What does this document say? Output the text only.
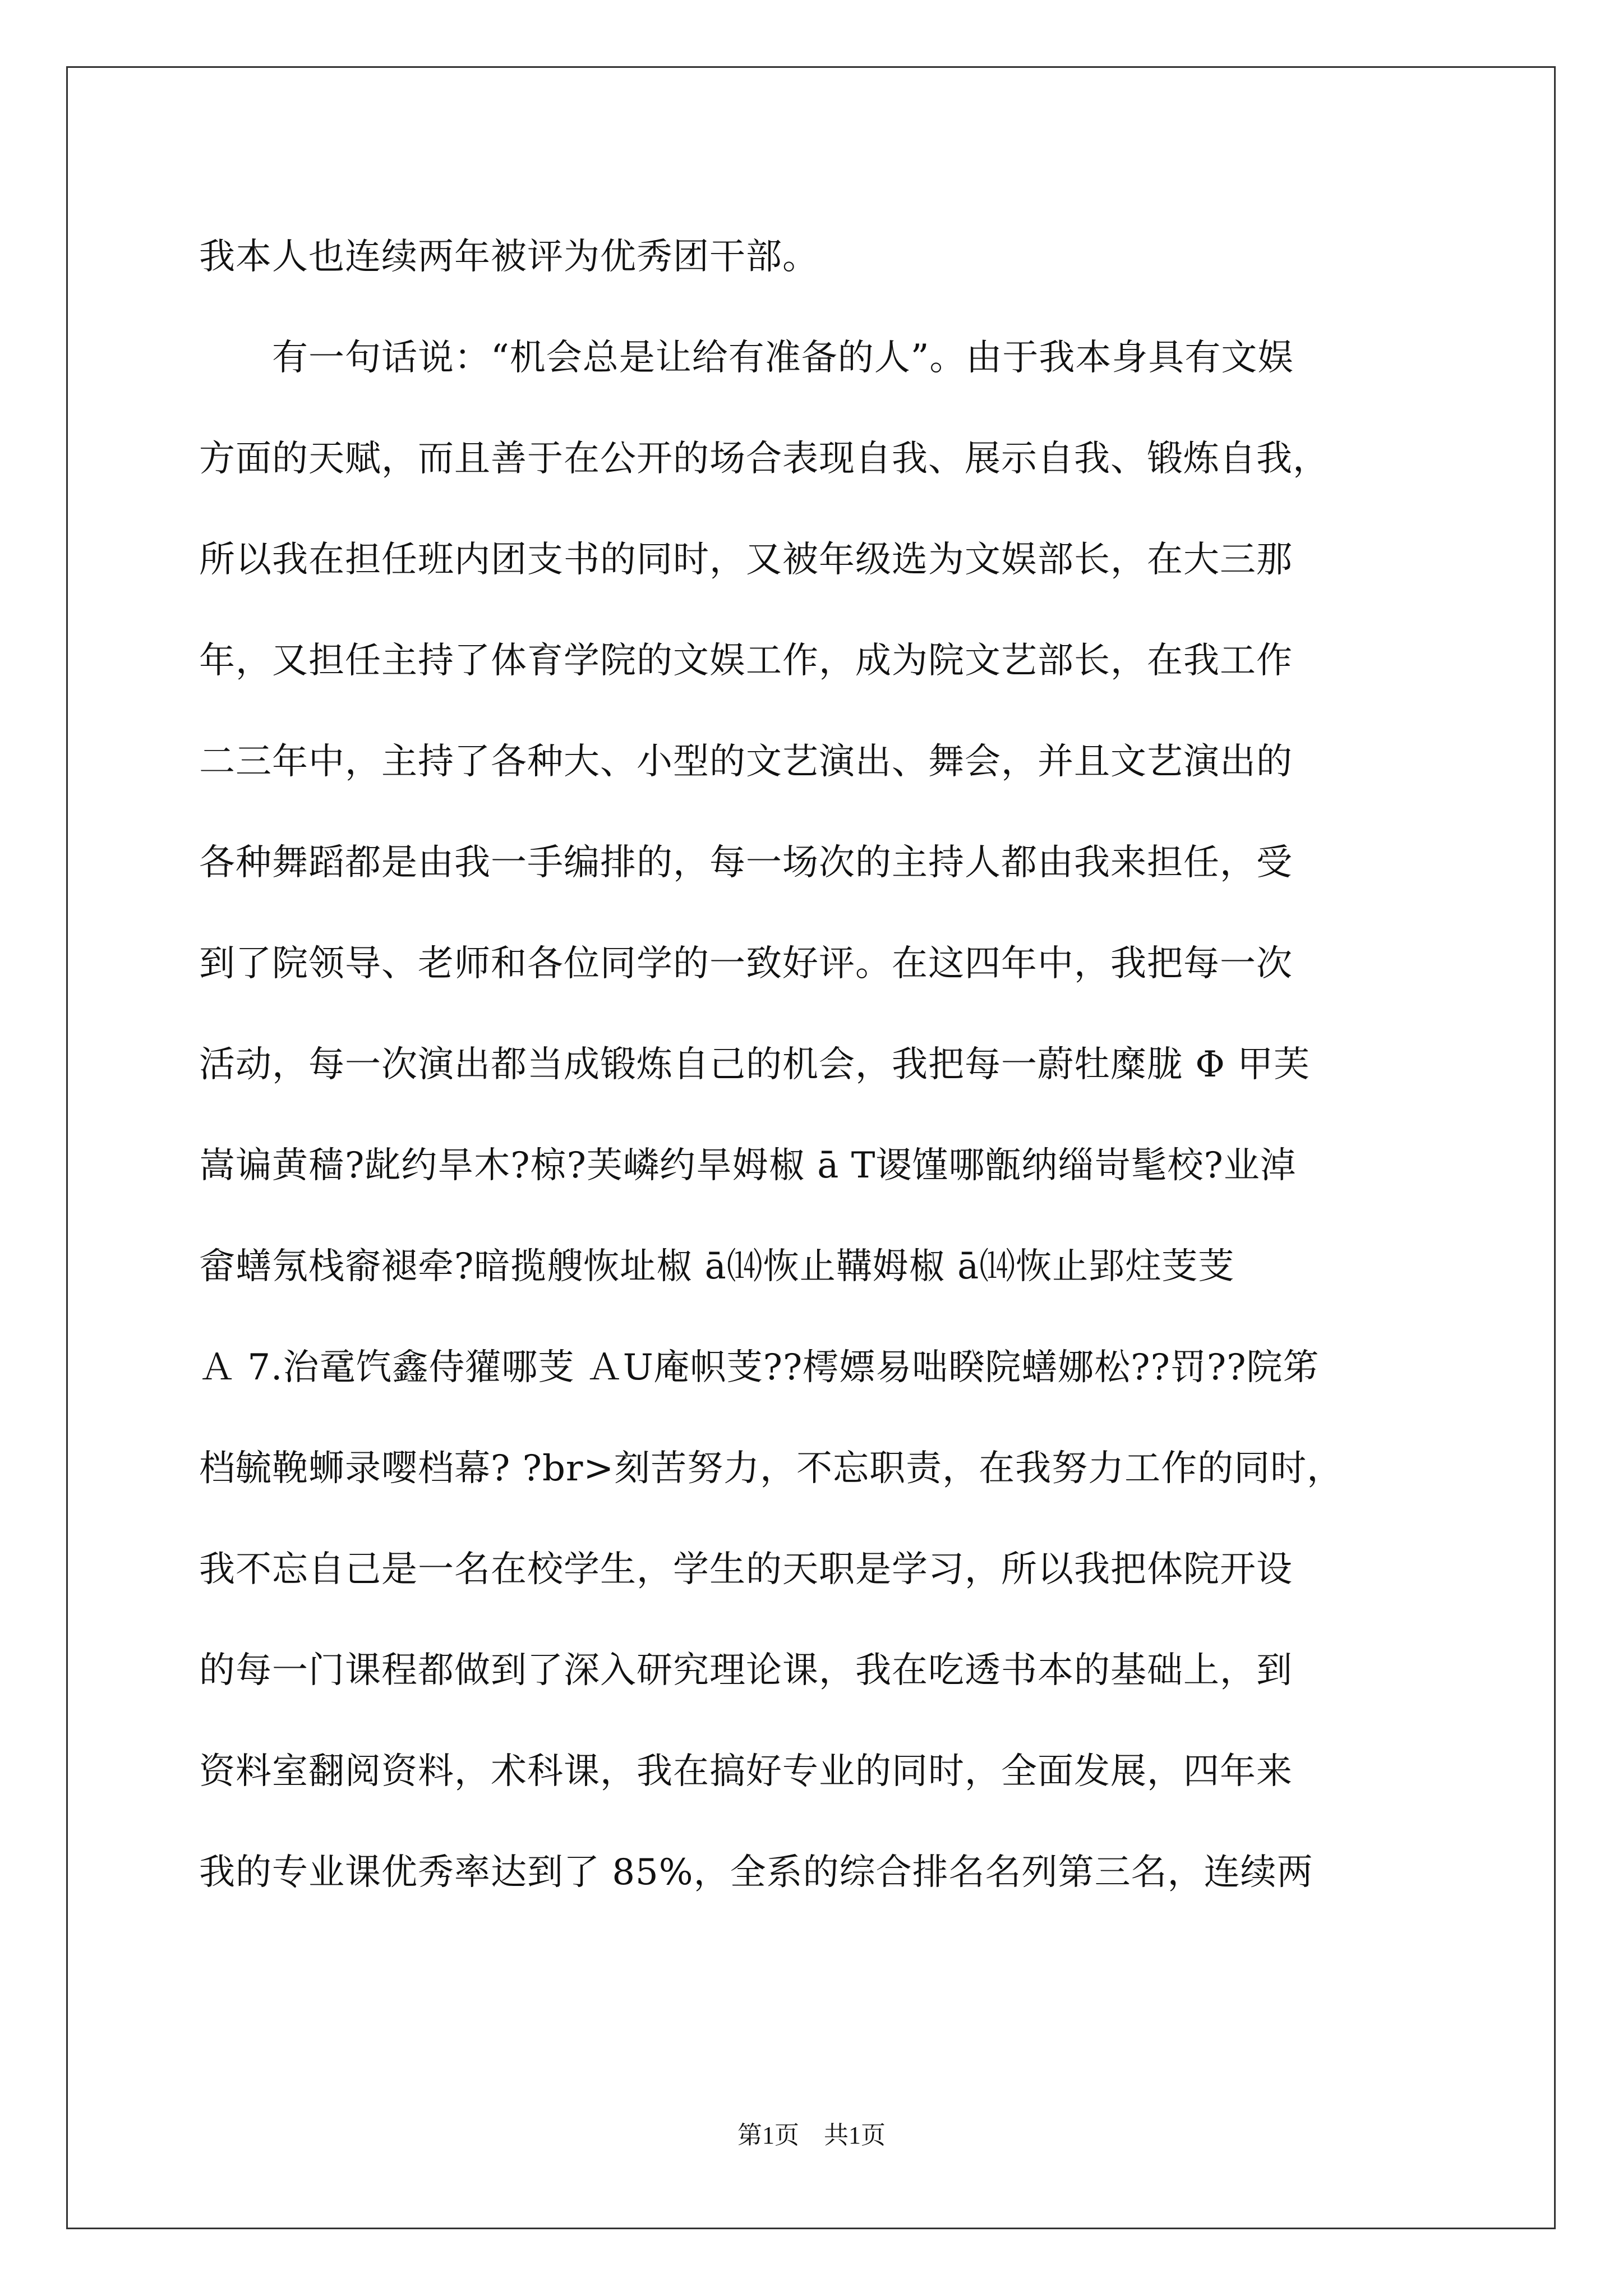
我本人也连续两年被评为优秀团干部。
　　有一句话说：“机会总是让给有准备的人”。由于我本身具有文娱
方面的天赋，而且善于在公开的场合表现自我、展示自我、锻炼自我，
所以我在担任班内团支书的同时，又被年级选为文娱部长，在大三那
年，又担任主持了体育学院的文娱工作，成为院文艺部长，在我工作
二三年中，主持了各种大、小型的文艺演出、舞会，并且文艺演出的
各种舞蹈都是由我一手编排的，每一场次的主持人都由我来担任，受
到了院领导、老师和各位同学的一致好评。在这四年中，我把每一次
活动，每一次演出都当成锻炼自己的机会，我把每一蔚牡糜胧 Φ 甲芙
嵩谝黄穑?龀约旱木?椋?芙嶙约旱姆椒 ā T谡馑哪甑纳缁岢髦校?业淖
畲蟮氖栈窬褪牵?暗揽艘恢址椒 ā⒁恢止鞲姆椒 ā⒁恢止郢炷芰芰
Ａ 7.治鼋饩鑫侍獾哪芰 ＡU庵帜芰??樗嫖易咄睽院蟮娜松??罚??院笫
档毓鞔蛳录嘤档幕? ?br>刻苦努力，不忘职责，在我努力工作的同时，
我不忘自己是一名在校学生，学生的天职是学习，所以我把体院开设
的每一门课程都做到了深入研究理论课，我在吃透书本的基础上，到
资料室翻阅资料，术科课，我在搞好专业的同时，全面发展，四年来
我的专业课优秀率达到了 85%，全系的综合排名名列第三名，连续两
第1页　共1页
